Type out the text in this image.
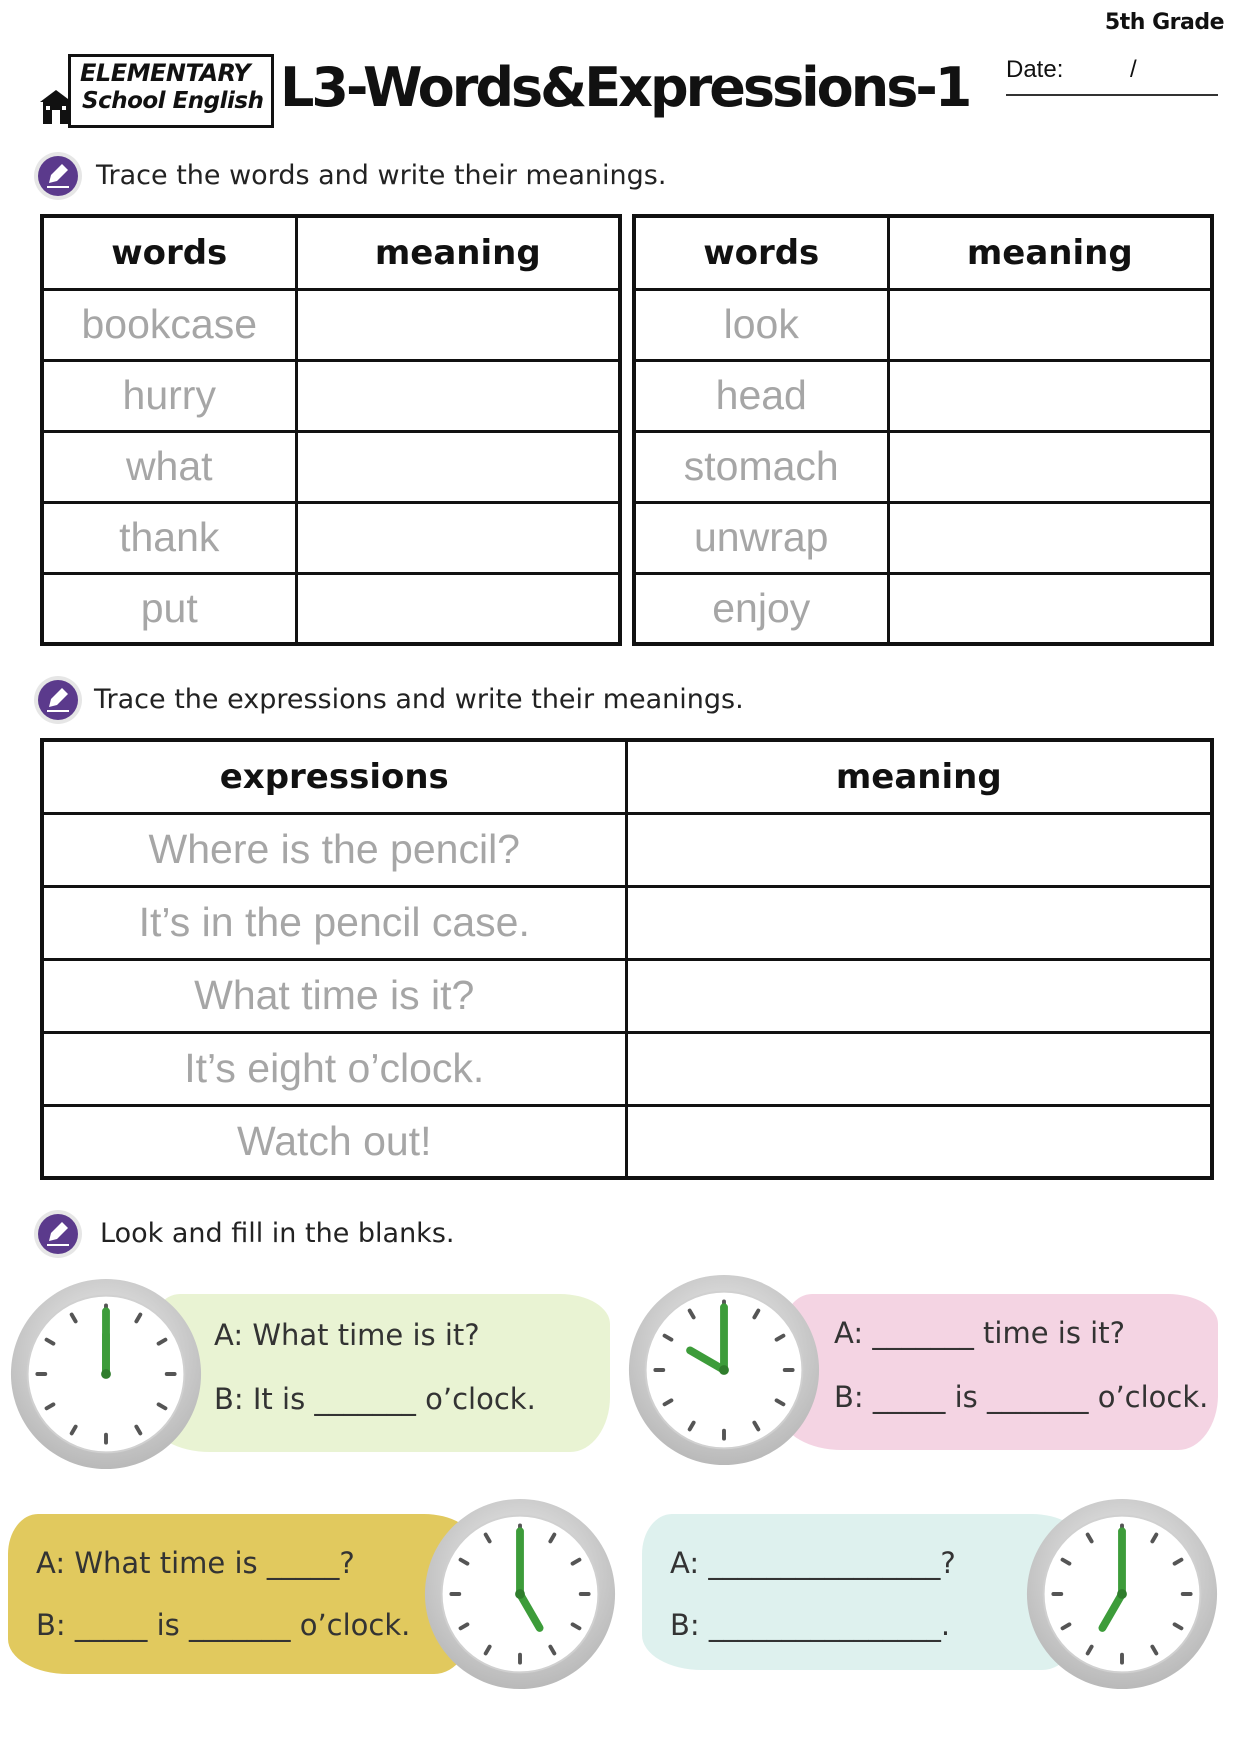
5th Grade
ELEMENTARY
School English L3-Words&Expressions-1 Date:	/
Trace the words and write their meanings.
words	meaning
bookcase	
hurry	
what	
thank	
put	
words	meaning
look	
head	
stomach	
unwrap	
enjoy	
Trace the expressions and write their meanings.
expressions	meaning
Where is the pencil?	
It’s in the pencil case.	
What time is it?	
It’s eight o’clock.	
Watch out!	
Look and fill in the blanks.
A: What time is it?
B: It is _______ o’clock.
A: _______ time is it?
B: _____ is _______ o’clock.
A: What time is _____?
B: _____ is _______ o’clock.
A: ________________?
B: ________________.
